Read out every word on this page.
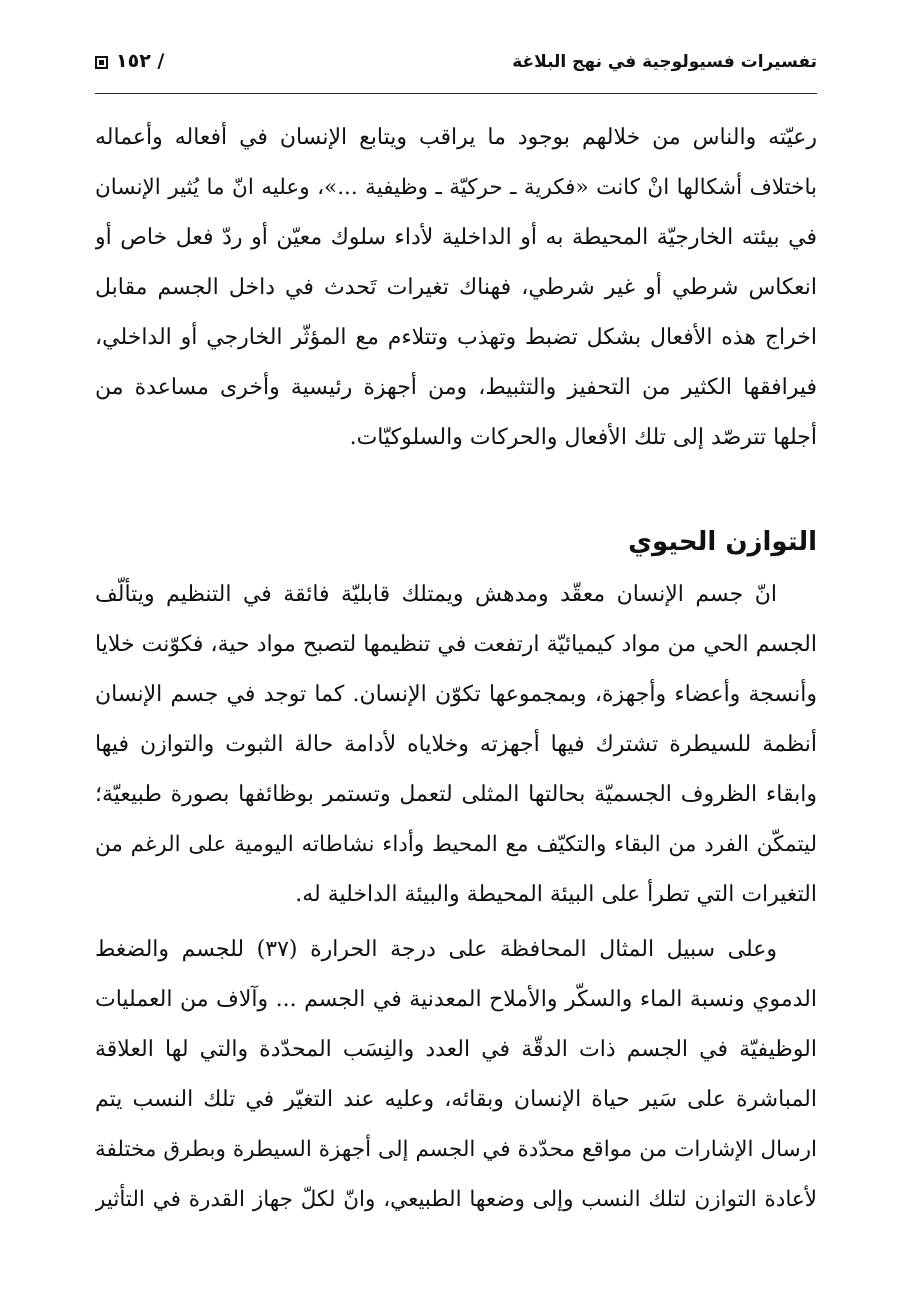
تفسيرات فسيولوجية في نهج البلاغة
١٥٢ /
رعيّته والناس من خلالهم بوجود ما يراقب ويتابع الإنسان في أفعاله وأعماله
باختلاف أشكالها انْ كانت «فكرية ـ حركيّة ـ وظيفية ...»، وعليه انّ ما يُثير الإنسان
في بيئته الخارجيّة المحيطة به أو الداخلية لأداء سلوك معيّن أو ردّ فعل خاص أو
انعكاس شرطي أو غير شرطي، فهناك تغيرات تَحدث في داخل الجسم مقابل
اخراج هذه الأفعال بشكل تضبط وتهذب وتتلاءم مع المؤثّر الخارجي أو الداخلي،
فيرافقها الكثير من التحفيز والتثبيط، ومن أجهزة رئيسية وأخرى مساعدة من
أجلها تترصّد إلى تلك الأفعال والحركات والسلوكيّات.
التوازن الحيوي
انّ جسم الإنسان معقّد ومدهش ويمتلك قابليّة فائقة في التنظيم ويتألّف
الجسم الحي من مواد كيميائيّة ارتفعت في تنظيمها لتصبح مواد حية، فكوّنت خلايا
وأنسجة وأعضاء وأجهزة، وبمجموعها تكوّن الإنسان. كما توجد في جسم الإنسان
أنظمة للسيطرة تشترك فيها أجهزته وخلاياه لأدامة حالة الثبوت والتوازن فيها
وابقاء الظروف الجسميّة بحالتها المثلى لتعمل وتستمر بوظائفها بصورة طبيعيّة؛
ليتمكّن الفرد من البقاء والتكيّف مع المحيط وأداء نشاطاته اليومية على الرغم من
التغيرات التي تطرأ على البيئة المحيطة والبيئة الداخلية له.
وعلى سبيل المثال المحافظة على درجة الحرارة (٣٧) للجسم والضغط
الدموي ونسبة الماء والسكّر والأملاح المعدنية في الجسم ... وآلاف من العمليات
الوظيفيّة في الجسم ذات الدقّة في العدد والنِسَب المحدّدة والتي لها العلاقة
المباشرة على سَير حياة الإنسان وبقائه، وعليه عند التغيّر في تلك النسب يتم
ارسال الإشارات من مواقع محدّدة في الجسم إلى أجهزة السيطرة وبطرق مختلفة
لأعادة التوازن لتلك النسب وإلى وضعها الطبيعي، وانّ لكلّ جهاز القدرة في التأثير
